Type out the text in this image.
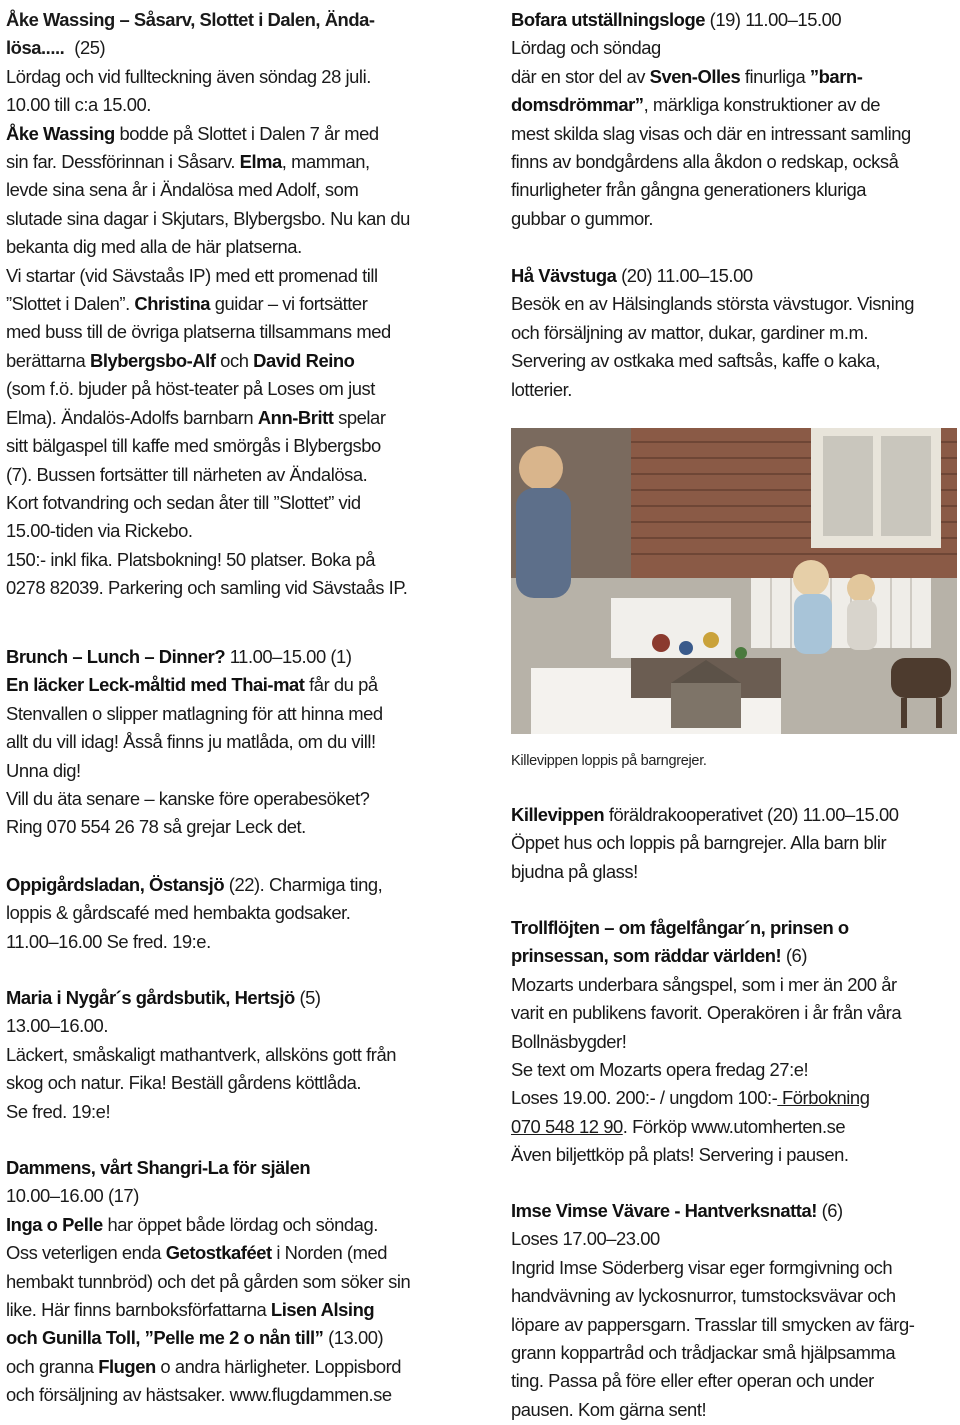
Åke Wassing – Såsarv, Slottet i Dalen, Ända-
lösa..... (25)

Lördag och vid fullteckning även söndag 28 juli.

10.00 till c:a 15.00.

Åke Wassing bodde på Slottet i Dalen 7 år med

sin far. Dessförinnan i Såsarv. Elma, mamman,

levde sina sena år i Ändalösa med Adolf, som

slutade sina dagar i Skjutars, Blybergsbo. Nu kan du

bekanta dig med alla de här platserna.

Vi startar (vid Sävstaås IP) med ett promenad till

”Slottet i Dalen”. Christina guidar – vi fortsätter

med buss till de övriga platserna tillsammans med

berättarna Blybergsbo-Alf och David Reino

(som f.ö. bjuder på höst-teater på Loses om just

Elma). Ändalös-Adolfs barnbarn Ann-Britt spelar

sitt bälgaspel till kaffe med smörgås i Blybergsbo

(7). Bussen fortsätter till närheten av Ändalösa.

Kort fotvandring och sedan åter till ”Slottet” vid

15.00-tiden via Rickebo.

150:- inkl fika. Platsbokning! 50 platser. Boka på

0278 82039. Parkering och samling vid Sävstaås IP.

Brunch – Lunch – Dinner? 11.00–15.00 (1)

En läcker Leck-måltid med Thai-mat får du på

Stenvallen o slipper matlagning för att hinna med

allt du vill idag! Åsså finns ju matlåda, om du vill!

Unna dig!

Vill du äta senare – kanske före operabesöket?

Ring 070 554 26 78 så grejar Leck det.

Oppigårdsladan, Östansjö (22). Charmiga ting,

loppis & gårdscafé med hembakta godsaker.

11.00–16.00 Se fred. 19:e.

Maria i Nygår´s gårdsbutik, Hertsjö (5)

13.00–16.00.

Läckert, småskaligt mathantverk, allsköns gott från

skog och natur. Fika! Beställ gårdens köttlåda.

Se fred. 19:e!

Dammens, vårt Shangri-La för själen

10.00–16.00 (17)

Inga o Pelle har öppet både lördag och söndag.

Oss veterligen enda Getostkaféet i Norden (med

hembakt tunnbröd) och det på gården som söker sin

like. Här finns barnboksförfattarna Lisen Alsing

och Gunilla Toll, ”Pelle me 2 o nån till” (13.00)

och granna Flugen o andra härligheter. Loppisbord

och försäljning av hästsaker. www.flugdammen.se

Bofara utställningsloge (19) 11.00–15.00

Lördag och söndag

där en stor del av Sven-Olles finurliga ”barn-

domsdrömmar”, märkliga konstruktioner av de

mest skilda slag visas och där en intressant samling

finns av bondgårdens alla åkdon o redskap, också

finurligheter från gångna generationers kluriga

gubbar o gummor.

Hå Vävstuga (20) 11.00–15.00

Besök en av Hälsinglands största vävstugor. Visning

och försäljning av mattor, dukar, gardiner m.m.

Servering av ostkaka med saftsås, kaffe o kaka,

lotterier.

Killevippen loppis på barngrejer.

Killevippen föräldrakooperativet (20) 11.00–15.00

Öppet hus och loppis på barngrejer. Alla barn blir

bjudna på glass!

Trollflöjten – om fågelfångar´n, prinsen o

prinsessan, som räddar världen! (6)

Mozarts underbara sångspel, som i mer än 200 år

varit en publikens favorit. Operakören i år från våra

Bollnäsbygder!

Se text om Mozarts opera fredag 27:e!

Loses 19.00. 200:- / ungdom 100:- Förbokning

070 548 12 90. Förköp www.utomherten.se

Även biljettköp på plats! Servering i pausen.

Imse Vimse Vävare - Hantverksnatta! (6)

Loses 17.00–23.00

Ingrid Imse Söderberg visar eger formgivning och

handvävning av lyckosnurror, tumstocksvävar och

löpare av pappersgarn. Trasslar till smycken av färg-

grann koppartråd och trådjackar små hjälpsamma

ting. Passa på före eller efter operan och under

pausen. Kom gärna sent!
